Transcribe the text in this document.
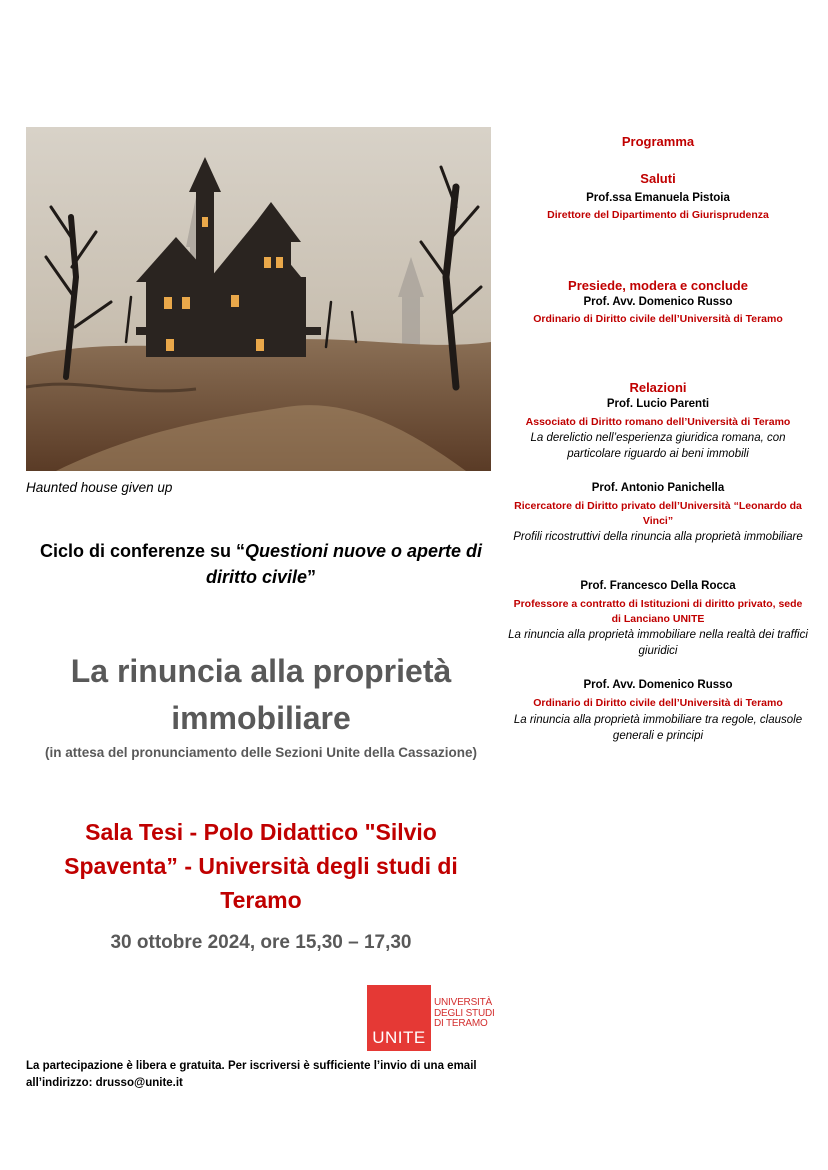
Haunted house given up
Ciclo di conferenze su “Questioni nuove o aperte di diritto civile”
La rinuncia alla proprietà immobiliare
(in attesa del pronunciamento delle Sezioni Unite della Cassazione)
Sala Tesi - Polo Didattico "Silvio Spaventa” - Università degli studi di Teramo
30 ottobre 2024, ore 15,30 – 17,30
UNITE
UNIVERSITÀ
DEGLI STUDI
DI TERAMO
La partecipazione è libera e gratuita. Per iscriversi è sufficiente l’invio di una email all’indirizzo: drusso@unite.it
Programma
Saluti
Prof.ssa Emanuela Pistoia
Direttore del Dipartimento di Giurisprudenza
Presiede, modera e conclude
Prof. Avv. Domenico Russo
Ordinario di Diritto civile dell’Università di Teramo
Relazioni
Prof. Lucio Parenti
Associato di Diritto romano dell’Università di Teramo
La derelictio nell’esperienza giuridica romana, con particolare riguardo ai beni immobili
Prof. Antonio Panichella
Ricercatore di Diritto privato dell’Università “Leonardo da Vinci”
Profili ricostruttivi della rinuncia alla proprietà immobiliare
Prof. Francesco Della Rocca
Professore a contratto di Istituzioni di diritto privato, sede di Lanciano UNITE
La rinuncia alla proprietà immobiliare nella realtà dei traffici giuridici
Prof. Avv. Domenico Russo
Ordinario di Diritto civile dell’Università di Teramo
La rinuncia alla proprietà immobiliare tra regole, clausole generali e principi
